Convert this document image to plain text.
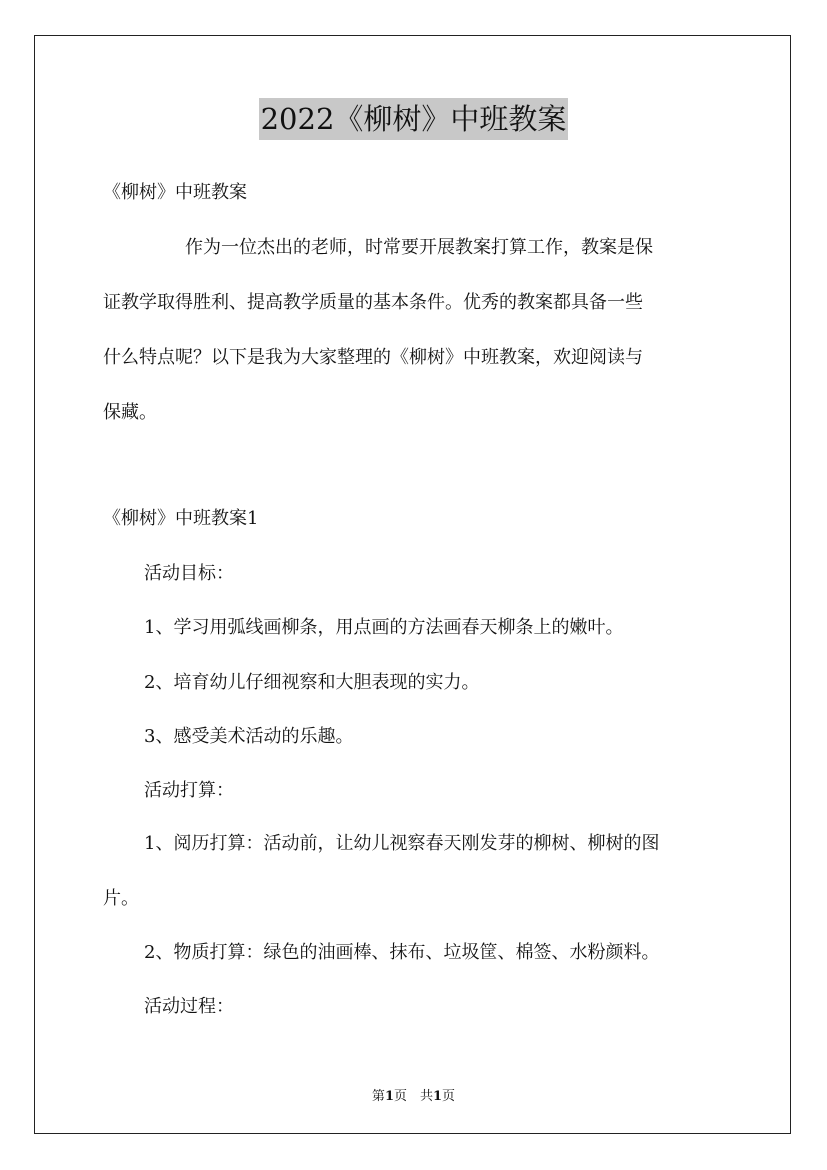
2022《柳树》中班教案
《柳树》中班教案
作为一位杰出的老师，时常要开展教案打算工作，教案是保
证教学取得胜利、提高教学质量的基本条件。优秀的教案都具备一些
什么特点呢？以下是我为大家整理的《柳树》中班教案，欢迎阅读与
保藏。
《柳树》中班教案1
活动目标：
1、学习用弧线画柳条，用点画的方法画春天柳条上的嫩叶。
2、培育幼儿仔细视察和大胆表现的实力。
3、感受美术活动的乐趣。
活动打算：
1、阅历打算：活动前，让幼儿视察春天刚发芽的柳树、柳树的图
片。
2、物质打算：绿色的油画棒、抹布、垃圾筐、棉签、水粉颜料。
活动过程：
第1页　共1页
